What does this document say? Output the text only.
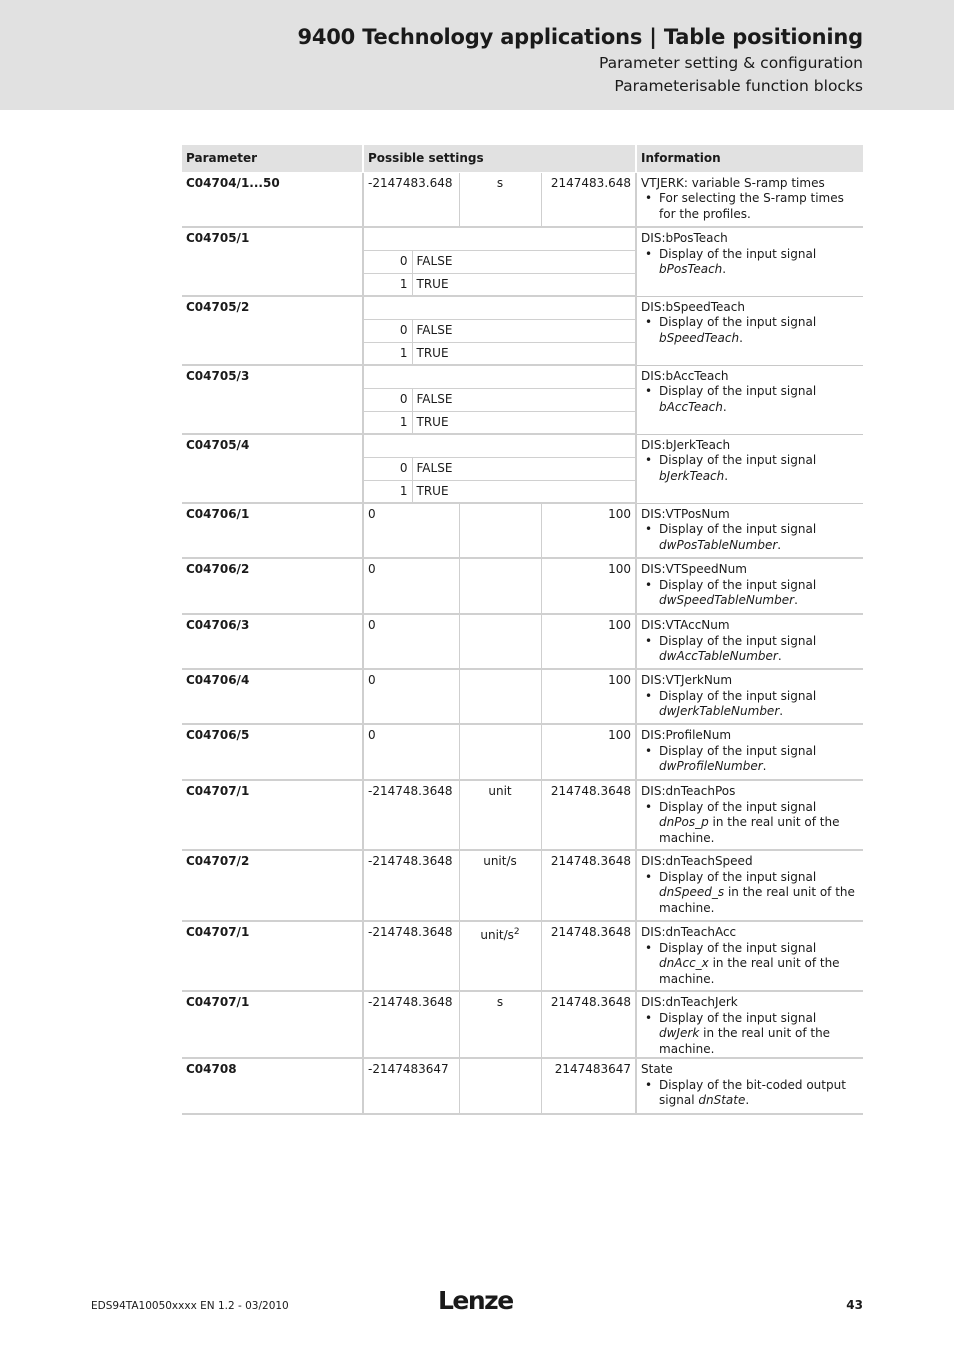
9400 Technology applications | Table positioning
Parameter setting & configuration
Parameterisable function blocks
Parameter	Possible settings				Information
C04704/1...50	-2147483.648		s	2147483.648	VTJERK: variable S-ramp times
• For selecting the S-ramp times for the profiles.

C04705/1					DIS:bPosTeach
• Display of the input signal bPosTeach.

	0	FALSE			
	1	TRUE			
C04705/2					DIS:bSpeedTeach
• Display of the input signal bSpeedTeach.

	0	FALSE			
	1	TRUE			
C04705/3					DIS:bAccTeach
• Display of the input signal bAccTeach.

	0	FALSE			
	1	TRUE			
C04705/4					DIS:bJerkTeach
• Display of the input signal bJerkTeach.

	0	FALSE			
	1	TRUE			
C04706/1	0			100	DIS:VTPosNum
• Display of the input signal dwPosTableNumber.

C04706/2	0			100	DIS:VTSpeedNum
• Display of the input signal dwSpeedTableNumber.

C04706/3	0			100	DIS:VTAccNum
• Display of the input signal dwAccTableNumber.

C04706/4	0			100	DIS:VTJerkNum
• Display of the input signal dwJerkTableNumber.

C04706/5	0			100	DIS:ProfileNum
• Display of the input signal dwProfileNumber.

C04707/1	-214748.3648		unit	214748.3648	DIS:dnTeachPos
• Display of the input signal dnPos_p in the real unit of the machine.

C04707/2	-214748.3648		unit/s	214748.3648	DIS:dnTeachSpeed
• Display of the input signal dnSpeed_s in the real unit of the machine.

C04707/1	-214748.3648		unit/$s^2$	214748.3648	DIS:dnTeachAcc
• Display of the input signal dnAcc_x in the real unit of the machine.

C04707/1	-214748.3648		s	214748.3648	DIS:dnTeachJerk
• Display of the input signal dwJerk in the real unit of the machine.

C04708	-2147483647			2147483647	State
• Display of the bit-coded output signal dnState.
EDS94TA10050xxxx EN 1.2 - 03/2010	Lenze	43
